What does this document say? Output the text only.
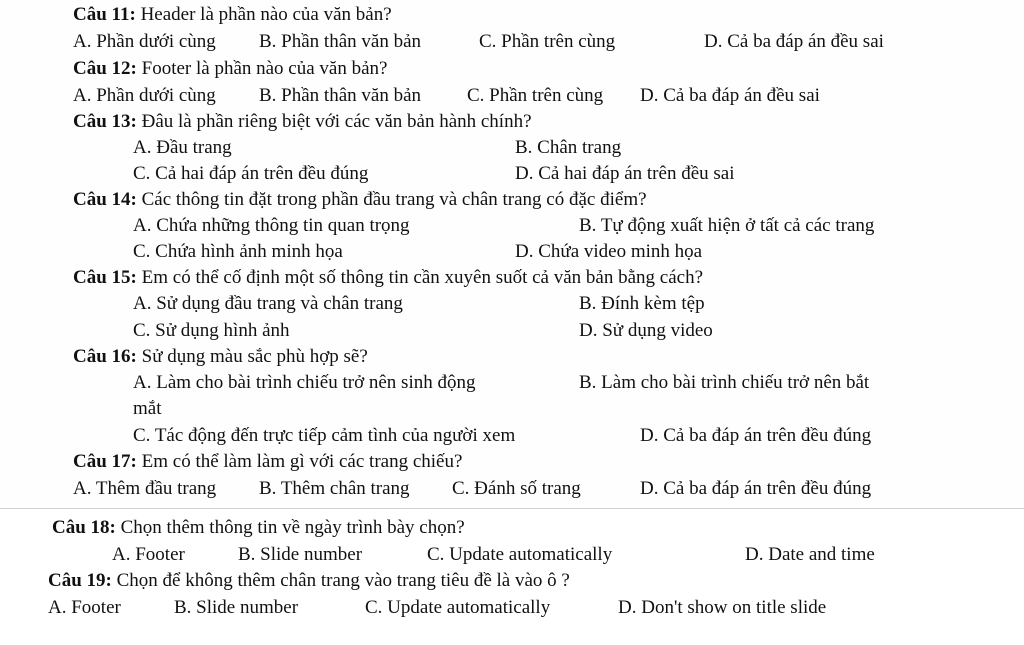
Câu 11: Header là phần nào của văn bản?
A. Phần dưới cùng B. Phần thân văn bản	C. Phần trên cùng	D. Cả ba đáp án đều sai
Câu 12: Footer là phần nào của văn bản?
A. Phần dưới cùng B. Phần thân văn bản C. Phần trên cùng D. Cả ba đáp án đều sai
Câu 13: Đâu là phần riêng biệt với các văn bản hành chính?
A. Đầu trang	B. Chân trang
C. Cả hai đáp án trên đều đúng	D. Cả hai đáp án trên đều sai
Câu 14: Các thông tin đặt trong phần đầu trang và chân trang có đặc điểm?
A. Chứa những thông tin quan trọng	B. Tự động xuất hiện ở tất cả các trang
C. Chứa hình ảnh minh họa	D. Chứa video minh họa
Câu 15: Em có thể cố định một số thông tin cần xuyên suốt cả văn bản bằng cách?
A. Sử dụng đầu trang và chân trang	B. Đính kèm tệp
C. Sử dụng hình ảnh	D. Sử dụng video
Câu 16: Sử dụng màu sắc phù hợp sẽ?
A. Làm cho bài trình chiếu trở nên sinh động	B. Làm cho bài trình chiếu trở nên bắt
mắt
C. Tác động đến trực tiếp cảm tình của người xem	D. Cả ba đáp án trên đều đúng
Câu 17: Em có thể làm làm gì với các trang chiếu?
A. Thêm đầu trang B. Thêm chân trang C. Đánh số trang	D. Cả ba đáp án trên đều đúng
Câu 18: Chọn thêm thông tin về ngày trình bày chọn?
A. Footer	B. Slide number	C. Update automatically	D. Date and time
Câu 19: Chọn để không thêm chân trang vào trang tiêu đề là vào ô ?
A. Footer	B. Slide number	C. Update automatically	D. Don't show on title slide
